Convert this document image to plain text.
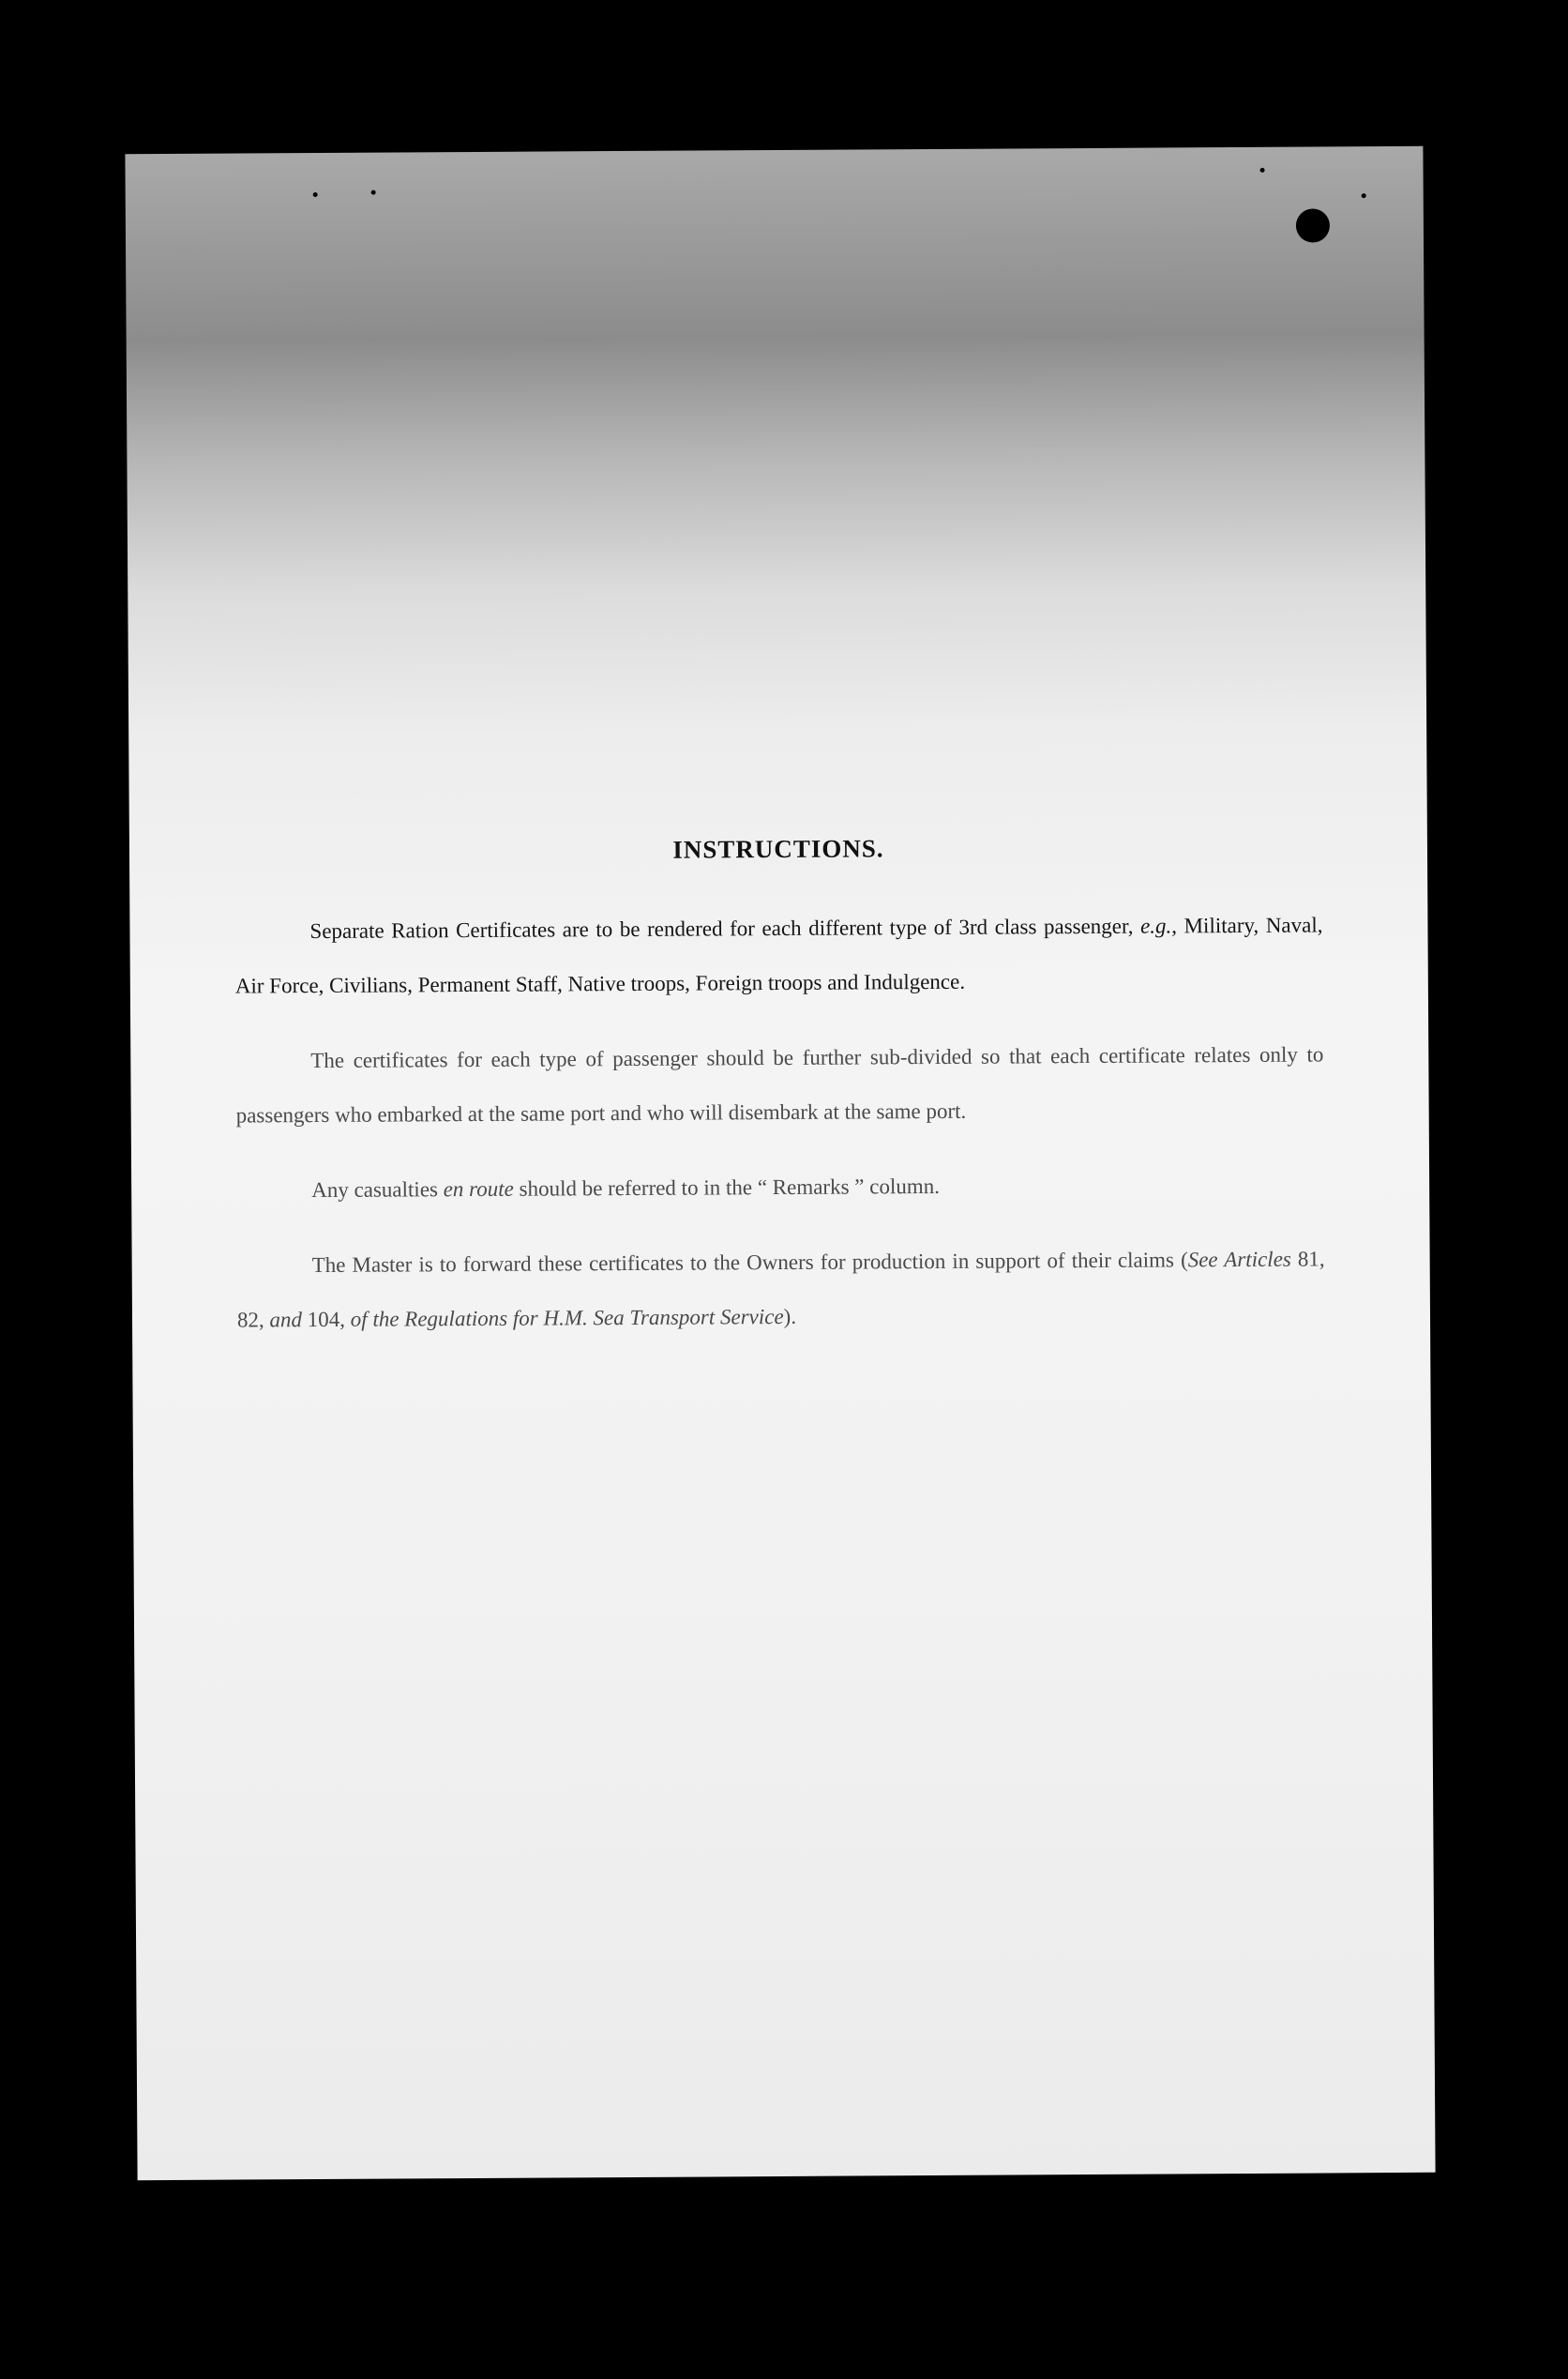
INSTRUCTIONS.

Separate Ration Certificates are to be rendered for each different type of 3rd class passenger, e.g., Military, Naval, Air Force, Civilians, Permanent Staff, Native troops, Foreign troops and Indulgence.

The certificates for each type of passenger should be further sub-divided so that each certificate relates only to passengers who embarked at the same port and who will disembark at the same port.

Any casualties en route should be referred to in the “ Remarks ” column.

The Master is to forward these certificates to the Owners for production in support of their claims (See Articles 81, 82, and 104, of the Regulations for H.M. Sea Transport Service).
